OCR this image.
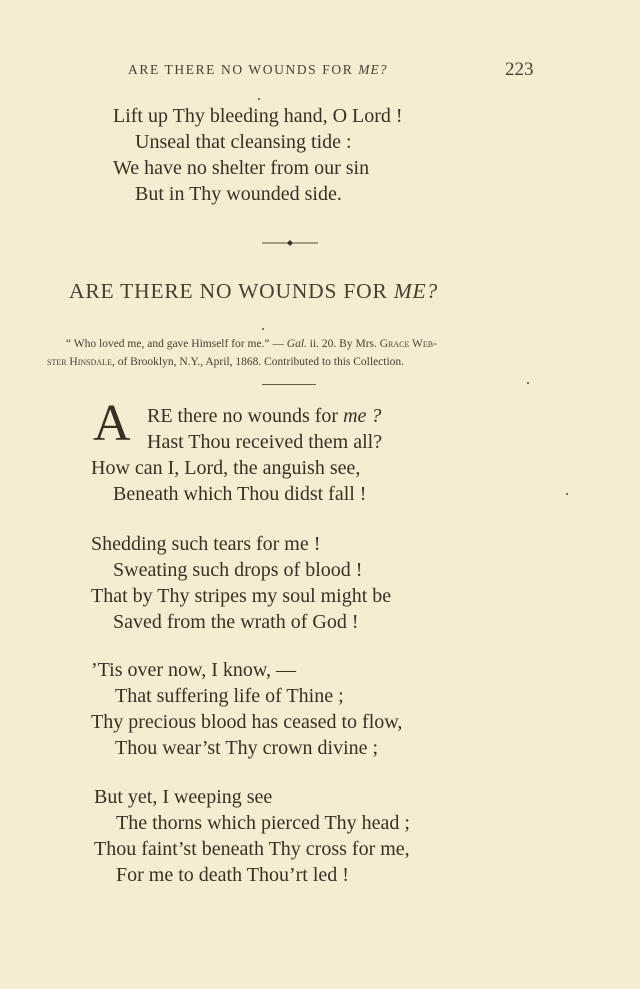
ARE THERE NO WOUNDS FOR ME?	223
Lift up Thy bleeding hand, O Lord !
Unseal that cleansing tide :
We have no shelter from our sin
But in Thy wounded side.
ARE THERE NO WOUNDS FOR ME?
“ Who loved me, and gave Himself for me.” — Gal. ii. 20. By Mrs. Grace Web-
ster Hinsdale, of Brooklyn, N.Y., April, 1868. Contributed to this Collection.
A RE there no wounds for me ?
Hast Thou received them all?
How can I, Lord, the anguish see,
Beneath which Thou didst fall !
Shedding such tears for me !
Sweating such drops of blood !
That by Thy stripes my soul might be
Saved from the wrath of God !
’Tis over now, I know, —
That suffering life of Thine ;
Thy precious blood has ceased to flow,
Thou wear’st Thy crown divine ;
But yet, I weeping see
The thorns which pierced Thy head ;
Thou faint’st beneath Thy cross for me,
For me to death Thou’rt led !
